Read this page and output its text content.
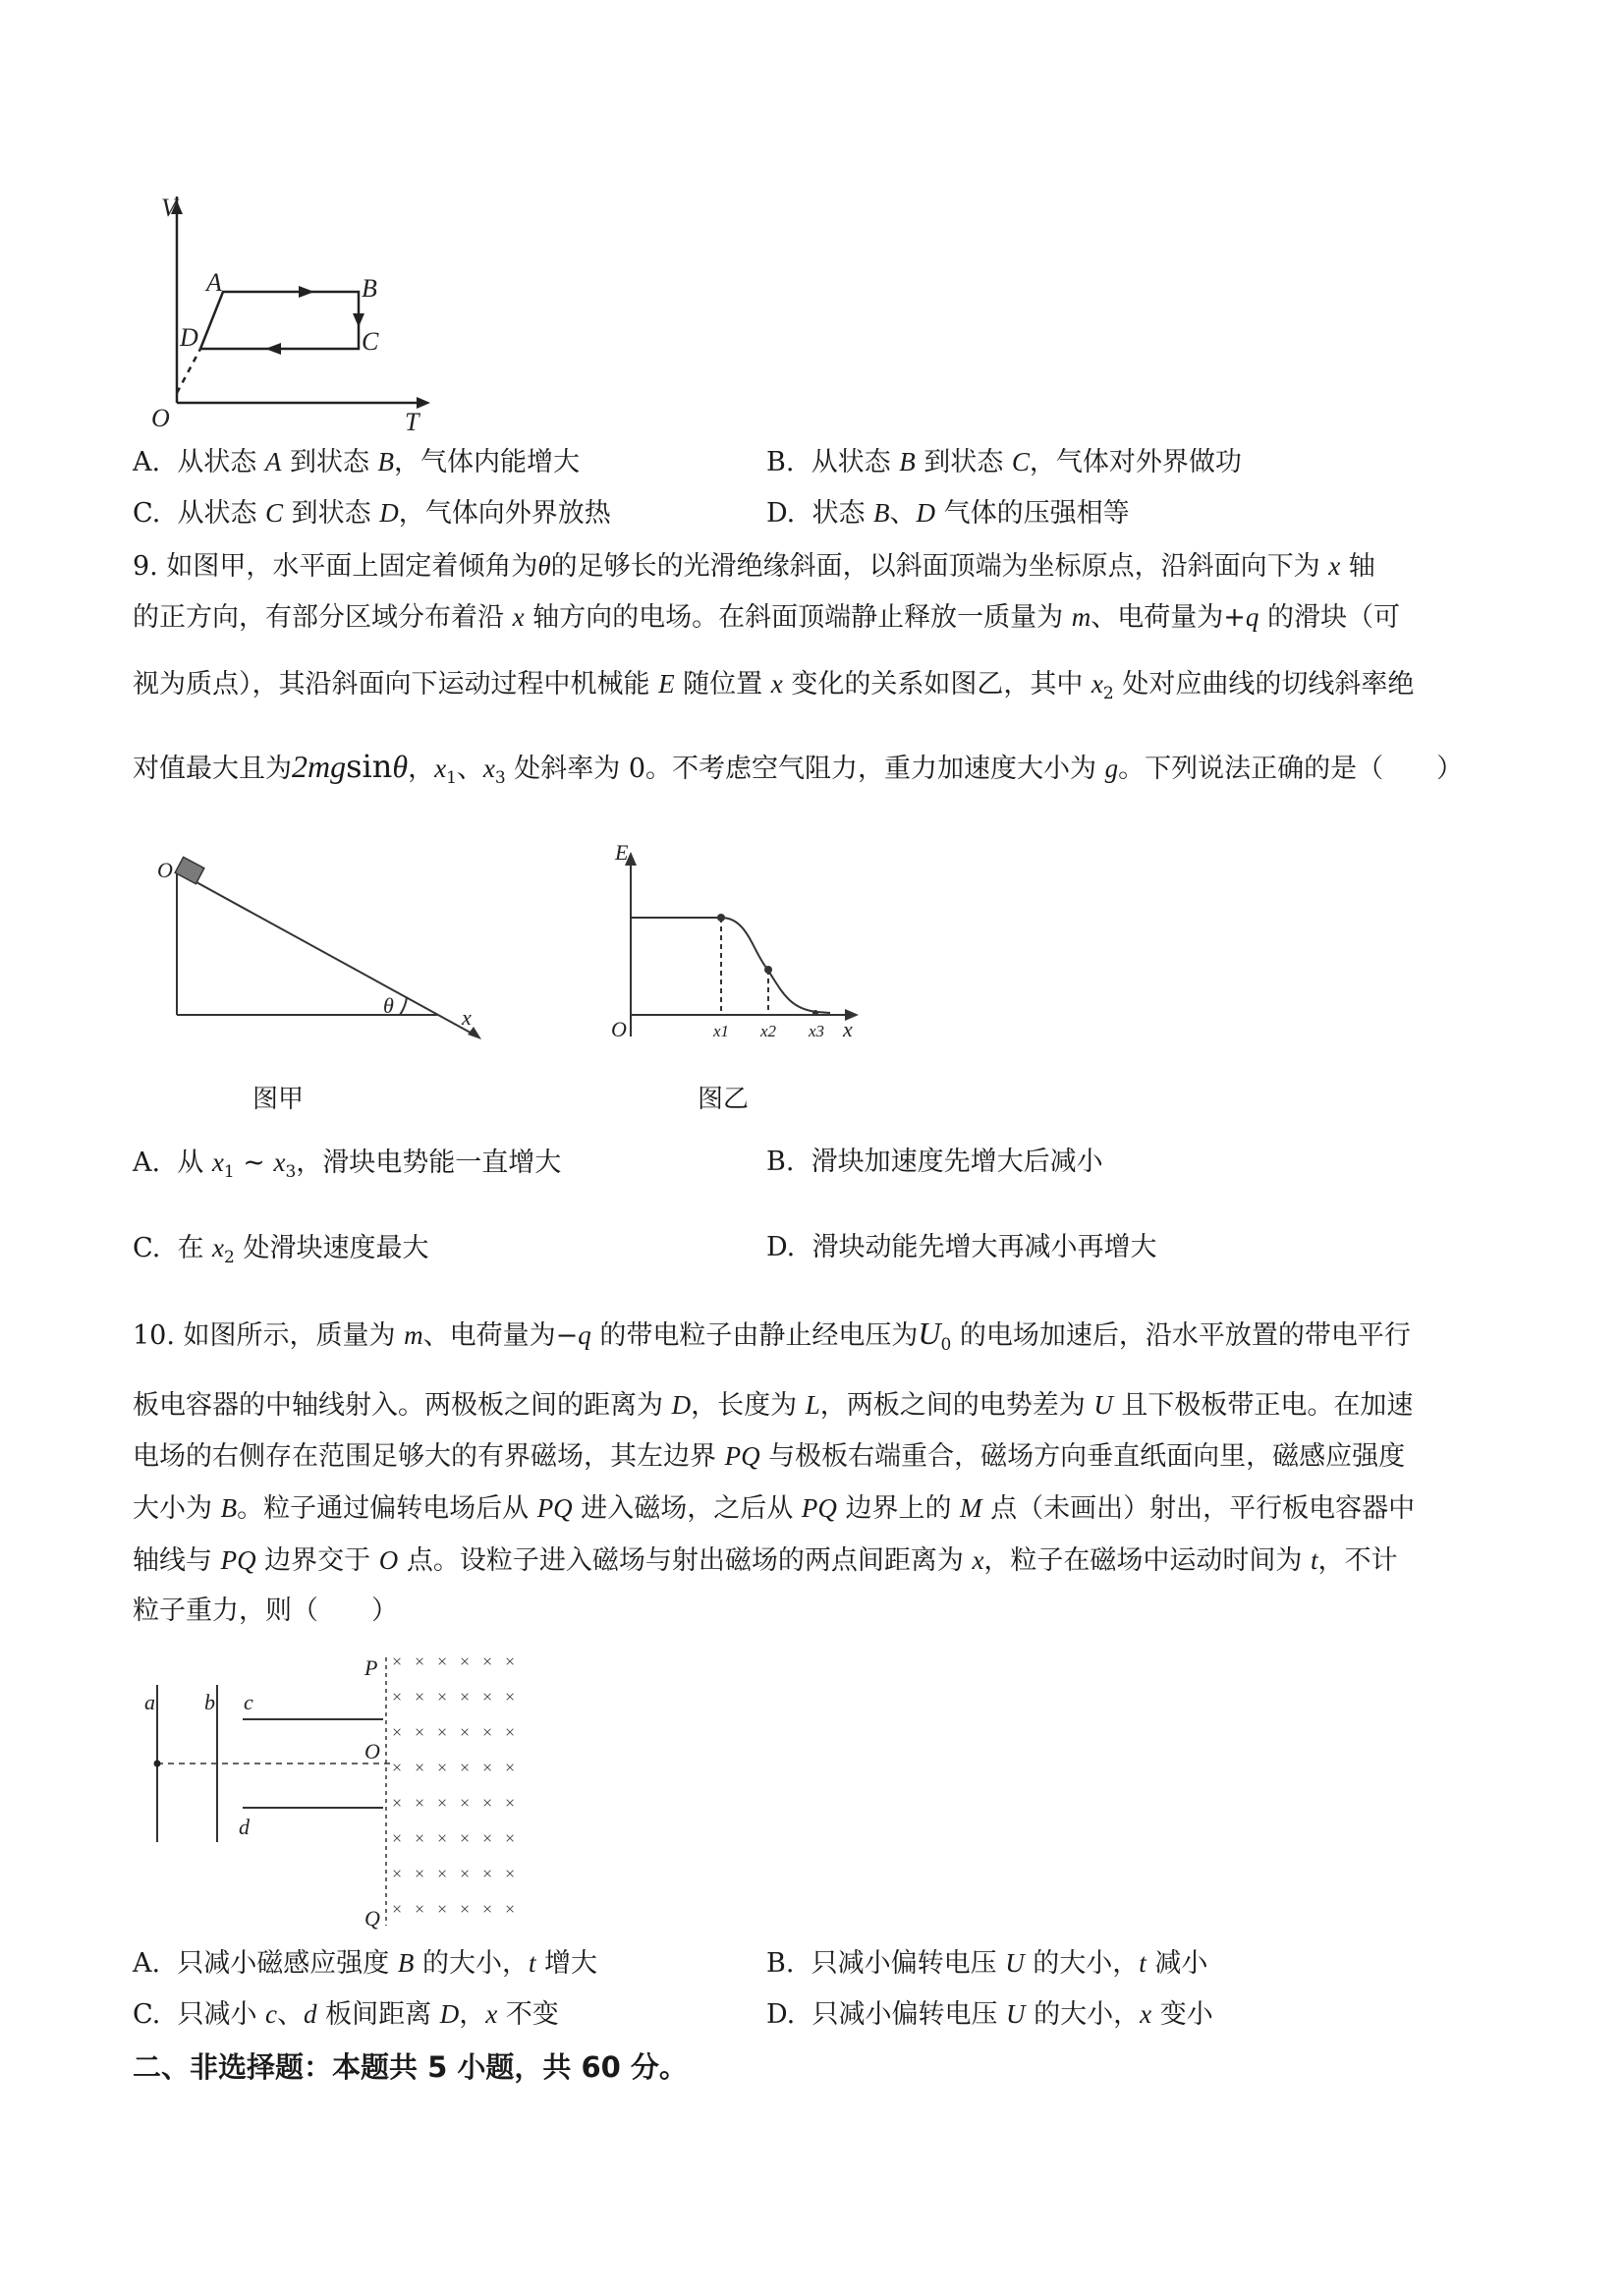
V
T
O
A	B
C
D
A. 从状态 A 到状态 B，气体内能增大	B. 从状态 B 到状态 C，气体对外界做功
C. 从状态 C 到状态 D，气体向外界放热	D. 状态 B、D 气体的压强相等
9. 如图甲，水平面上固定着倾角为θ的足够长的光滑绝缘斜面，以斜面顶端为坐标原点，沿斜面向下为 x 轴
的正方向，有部分区域分布着沿 x 轴方向的电场。在斜面顶端静止释放一质量为 m、电荷量为+q 的滑块（可
视为质点），其沿斜面向下运动过程中机械能 E 随位置 x 变化的关系如图乙，其中 $x_2$ 处对应曲线的切线斜率绝
对值最大且为2mgsinθ，$x_1$、$x_3$ 处斜率为 0。不考虑空气阻力，重力加速度大小为 g。下列说法正确的是（　　）
O
θ	x
图甲
E
O	x
x1 x2 x3
图乙
A. 从 $x_1$ ~ $x_3$，滑块电势能一直增大	B. 滑块加速度先增大后减小
C. 在 $x_2$ 处滑块速度最大	D. 滑块动能先增大再减小再增大
10. 如图所示，质量为 m、电荷量为−q 的带电粒子由静止经电压为$U_0$ 的电场加速后，沿水平放置的带电平行
板电容器的中轴线射入。两极板之间的距离为 D，长度为 L，两板之间的电势差为 U 且下极板带正电。在加速
电场的右侧存在范围足够大的有界磁场，其左边界 PQ 与极板右端重合，磁场方向垂直纸面向里，磁感应强度
大小为 B。粒子通过偏转电场后从 PQ 进入磁场，之后从 PQ 边界上的 M 点（未画出）射出，平行板电容器中
轴线与 PQ 边界交于 O 点。设粒子进入磁场与射出磁场的两点间距离为 x，粒子在磁场中运动时间为 t，不计
粒子重力，则（　　）
× × × × × ×
× × × × × ×
× × × × × ×
× × × × × ×
× × × × × ×
× × × × × ×
× × × × × ×
× × × × × ×
a b c
d
P
O
Q
A. 只减小磁感应强度 B 的大小，t 增大	B. 只减小偏转电压 U 的大小，t 减小
C. 只减小 c、d 板间距离 D，x 不变	D. 只减小偏转电压 U 的大小，x 变小
二、非选择题：本题共 5 小题，共 60 分。
